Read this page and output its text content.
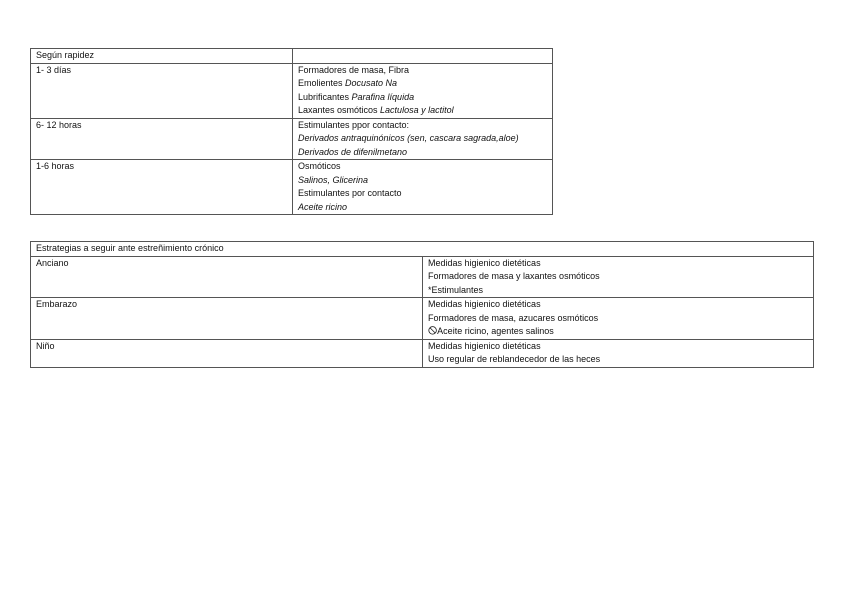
Según rapidez	
1- 3 días	Formadores de masa, Fibra
Emolientes Docusato Na
Lubrificantes Parafina líquida
Laxantes osmóticos Lactulosa y lactitol

6- 12 horas	Estimulantes ppor contacto:
Derivados antraquinónicos (sen, cascara sagrada,aloe)
Derivados de difenilmetano

1-6 horas	Osmóticos
Salinos, Glicerina
Estimulantes por contacto
Aceite ricino
Estrategias a seguir ante estreñimiento crónico	
Anciano	Medidas higienico dietéticas
Formadores de masa y laxantes osmóticos
*Estimulantes

Embarazo	Medidas higienico dietéticas
Formadores de masa, azucares osmóticos
🛇Aceite ricino, agentes salinos

Niño	Medidas higienico dietéticas
Uso regular de reblandecedor de las heces
